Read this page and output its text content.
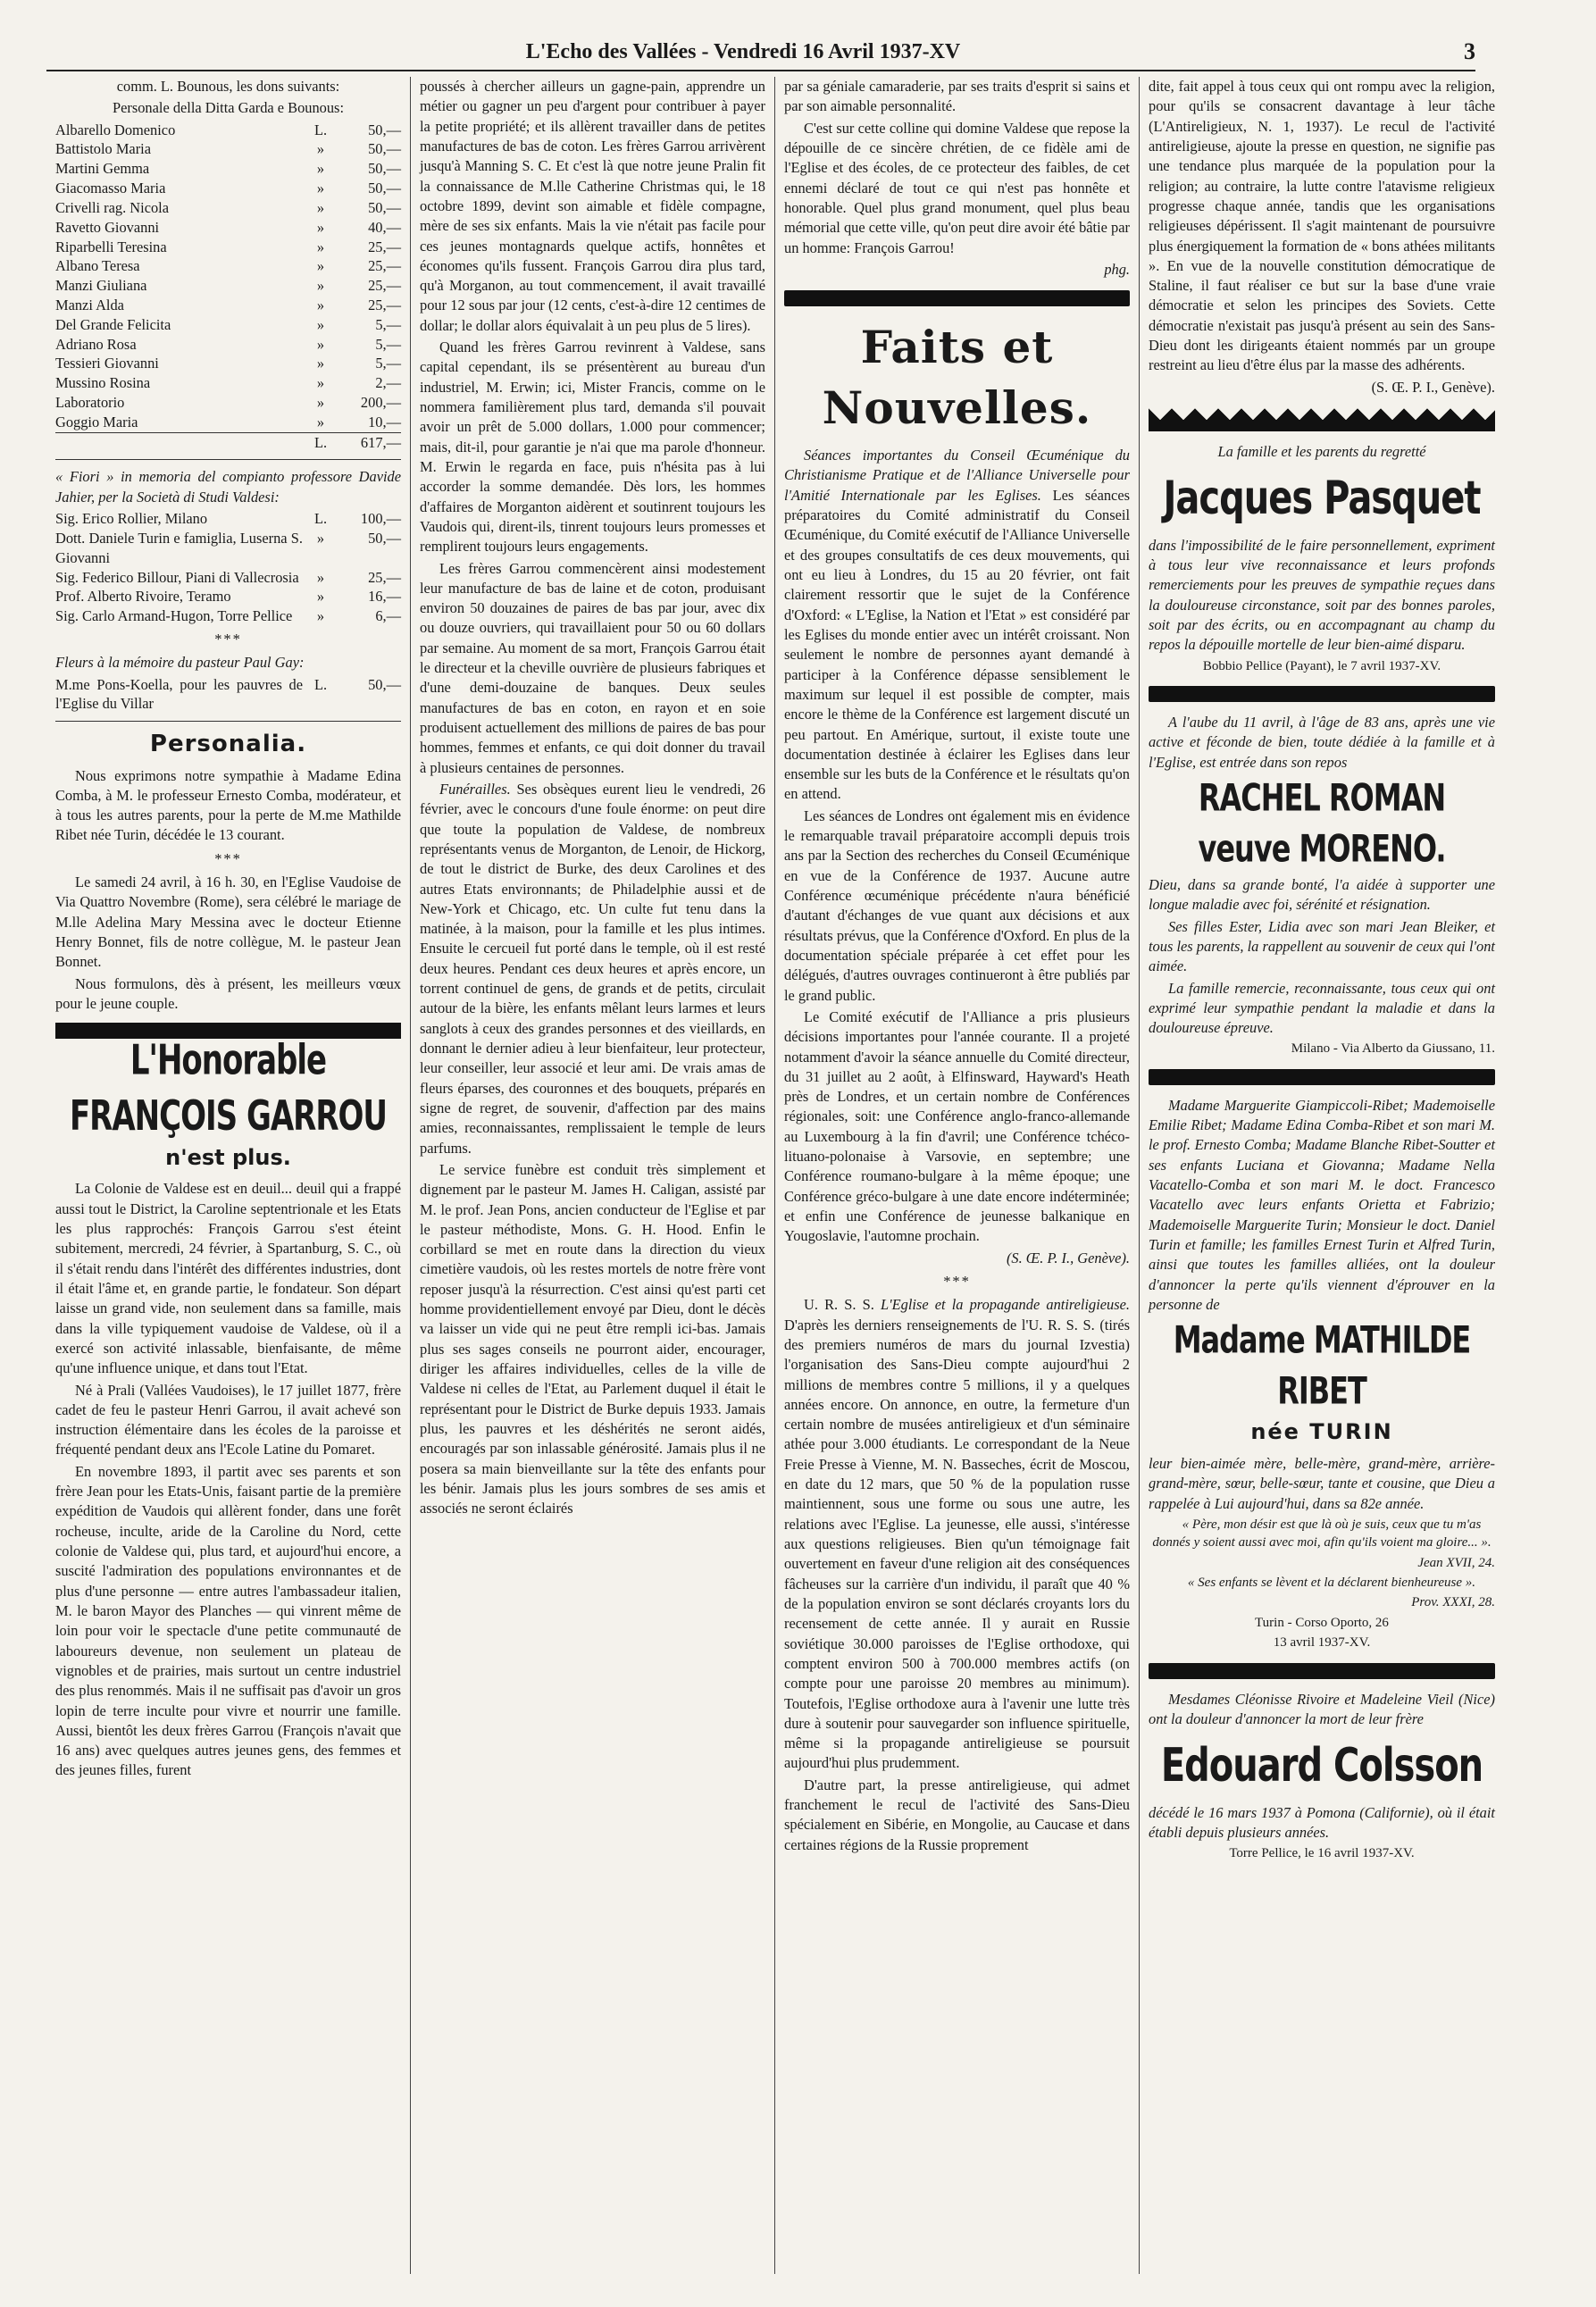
L'Echo des Vallées - Vendredi 16 Avril 1937-XV	3

comm. L. Bounous, les dons suivants:

Personale della Ditta Garda e Bounous:

Albarello Domenico	L.	50,—
Battistolo Maria	»	50,—
Martini Gemma	»	50,—
Giacomasso Maria	»	50,—
Crivelli rag. Nicola	»	50,—
Ravetto Giovanni	»	40,—
Riparbelli Teresina	»	25,—
Albano Teresa	»	25,—
Manzi Giuliana	»	25,—
Manzi Alda	»	25,—
Del Grande Felicita	»	5,—
Adriano Rosa	»	5,—
Tessieri Giovanni	»	5,—
Mussino Rosina	»	2,—
Laboratorio	»	200,—
Goggio Maria	»	10,—
	L.	617,—

« Fiori » in memoria del compianto professore Davide Jahier, per la Società di Studi Valdesi:

Sig. Erico Rollier, Milano	L.	100,—
Dott. Daniele Turin e famiglia, Luserna S. Giovanni	»	50,—
Sig. Federico Billour, Piani di Vallecrosia	»	25,—
Prof. Alberto Rivoire, Teramo	»	16,—
Sig. Carlo Armand-Hugon, Torre Pellice	»	6,—
***

Fleurs à la mémoire du pasteur Paul Gay:

M.me Pons-Koella, pour les pauvres de l'Eglise du Villar	L.	50,—
Personalia.

Nous exprimons notre sympathie à Madame Edina Comba, à M. le professeur Ernesto Comba, modérateur, et à tous les autres parents, pour la perte de M.me Mathilde Ribet née Turin, décédée le 13 courant.

***

Le samedi 24 avril, à 16 h. 30, en l'Eglise Vaudoise de Via Quattro Novembre (Rome), sera célébré le mariage de M.lle Adelina Mary Messina avec le docteur Etienne Henry Bonnet, fils de notre collègue, M. le pasteur Jean Bonnet.

Nous formulons, dès à présent, les meilleurs vœux pour le jeune couple.

L'Honorable FRANÇOIS GARROU
n'est plus.

La Colonie de Valdese est en deuil... deuil qui a frappé aussi tout le District, la Caroline septentrionale et les Etats les plus rapprochés: François Garrou s'est éteint subitement, mercredi, 24 février, à Spartanburg, S. C., où il s'était rendu dans l'intérêt des différentes industries, dont il était l'âme et, en grande partie, le fondateur. Son départ laisse un grand vide, non seulement dans sa famille, mais dans la ville typiquement vaudoise de Valdese, où il a exercé son activité inlassable, bienfaisante, de même qu'une influence unique, et dans tout l'Etat.

Né à Prali (Vallées Vaudoises), le 17 juillet 1877, frère cadet de feu le pasteur Henri Garrou, il avait achevé son instruction élémentaire dans les écoles de la paroisse et fréquenté pendant deux ans l'Ecole Latine du Pomaret.

En novembre 1893, il partit avec ses parents et son frère Jean pour les Etats-Unis, faisant partie de la première expédition de Vaudois qui allèrent fonder, dans une forêt rocheuse, inculte, aride de la Caroline du Nord, cette colonie de Valdese qui, plus tard, et aujourd'hui encore, a suscité l'admiration des populations environnantes et de plus d'une personne — entre autres l'ambassadeur italien, M. le baron Mayor des Planches — qui vinrent même de loin pour voir le spectacle d'une petite communauté de laboureurs devenue, non seulement un plateau de vignobles et de prairies, mais surtout un centre industriel des plus renommés. Mais il ne suffisait pas d'avoir un gros lopin de terre inculte pour vivre et nourrir une famille. Aussi, bientôt les deux frères Garrou (François n'avait que 16 ans) avec quelques autres jeunes gens, des femmes et des jeunes filles, furent

poussés à chercher ailleurs un gagne-pain, apprendre un métier ou gagner un peu d'argent pour contribuer à payer la petite propriété; et ils allèrent travailler dans de petites manufactures de bas de coton. Les frères Garrou arrivèrent jusqu'à Manning S. C. Et c'est là que notre jeune Pralin fit la connaissance de M.lle Catherine Christmas qui, le 18 octobre 1899, devint son aimable et fidèle compagne, mère de ses six enfants. Mais la vie n'était pas facile pour ces jeunes montagnards quelque actifs, honnêtes et économes qu'ils fussent. François Garrou dira plus tard, qu'à Morganon, au tout commencement, il avait travaillé pour 12 sous par jour (12 cents, c'est-à-dire 12 centimes de dollar; le dollar alors équivalait à un peu plus de 5 lires).

Quand les frères Garrou revinrent à Valdese, sans capital cependant, ils se présentèrent au bureau d'un industriel, M. Erwin; ici, Mister Francis, comme on le nommera familièrement plus tard, demanda s'il pouvait avoir un prêt de 5.000 dollars, 1.000 pour commencer; mais, dit-il, pour garantie je n'ai que ma parole d'honneur. M. Erwin le regarda en face, puis n'hésita pas à lui accorder la somme demandée. Dès lors, les hommes d'affaires de Morganton aidèrent et soutinrent toujours les Vaudois qui, dirent-ils, tinrent toujours leurs promesses et remplirent toujours leurs engagements.

Les frères Garrou commencèrent ainsi modestement leur manufacture de bas de laine et de coton, produisant environ 50 douzaines de paires de bas par jour, avec dix ou douze ouvriers, qui travaillaient pour 50 ou 60 dollars par semaine. Au moment de sa mort, François Garrou était le directeur et la cheville ouvrière de plusieurs fabriques et d'une demi-douzaine de banques. Deux seules manufactures de bas en coton, en rayon et en soie produisent actuellement des millions de paires de bas pour hommes, femmes et enfants, ce qui doit donner du travail à plusieurs centaines de personnes.

Funérailles. Ses obsèques eurent lieu le vendredi, 26 février, avec le concours d'une foule énorme: on peut dire que toute la population de Valdese, de nombreux représentants venus de Morganton, de Lenoir, de Hickorg, de tout le district de Burke, des deux Carolines et des autres Etats environnants; de Philadelphie aussi et de New-York et Chicago, etc. Un culte fut tenu dans la matinée, à la maison, pour la famille et les plus intimes. Ensuite le cercueil fut porté dans le temple, où il est resté deux heures. Pendant ces deux heures et après encore, un torrent continuel de gens, de grands et de petits, circulait autour de la bière, les enfants mêlant leurs larmes et leurs sanglots à ceux des grandes personnes et des vieillards, en donnant le dernier adieu à leur bienfaiteur, leur protecteur, leur conseiller, leur associé et leur ami. De vrais amas de fleurs éparses, des couronnes et des bouquets, préparés en signe de regret, de souvenir, d'affection par des mains amies, reconnaissantes, remplissaient le temple de leurs parfums.

Le service funèbre est conduit très simplement et dignement par le pasteur M. James H. Caligan, assisté par M. le prof. Jean Pons, ancien conducteur de l'Eglise et par le pasteur méthodiste, Mons. G. H. Hood. Enfin le corbillard se met en route dans la direction du vieux cimetière vaudois, où les restes mortels de notre frère vont reposer jusqu'à la résurrection. C'est ainsi qu'est parti cet homme providentiellement envoyé par Dieu, dont le décès va laisser un vide qui ne peut être rempli ici-bas. Jamais plus ses sages conseils ne pourront aider, encourager, diriger les affaires individuelles, celles de la ville de Valdese ni celles de l'Etat, au Parlement duquel il était le représentant pour le District de Burke depuis 1933. Jamais plus, les pauvres et les déshérités ne seront aidés, encouragés par son inlassable générosité. Jamais plus il ne posera sa main bienveillante sur la tête des enfants pour les bénir. Jamais plus les jours sombres de ses amis et associés ne seront éclairés

par sa géniale camaraderie, par ses traits d'esprit si sains et par son aimable personnalité.

C'est sur cette colline qui domine Valdese que repose la dépouille de ce sincère chrétien, de ce fidèle ami de l'Eglise et des écoles, de ce protecteur des faibles, de cet ennemi déclaré de tout ce qui n'est pas honnête et honorable. Quel plus grand monument, quel plus beau mémorial que cette ville, qu'on peut dire avoir été bâtie par un homme: François Garrou!

phg.

Faits et Nouvelles.

Séances importantes du Conseil Œcuménique du Christianisme Pratique et de l'Alliance Universelle pour l'Amitié Internationale par les Eglises. Les séances préparatoires du Comité administratif du Conseil Œcuménique, du Comité exécutif de l'Alliance Universelle et des groupes consultatifs de ces deux mouvements, qui ont eu lieu à Londres, du 15 au 20 février, ont fait clairement ressortir que le sujet de la Conférence d'Oxford: « L'Eglise, la Nation et l'Etat » est considéré par les Eglises du monde entier avec un intérêt croissant. Non seulement le nombre de personnes ayant demandé à participer à la Conférence dépasse sensiblement le maximum sur lequel il est possible de compter, mais encore le thème de la Conférence est largement discuté un peu partout. En Amérique, surtout, il existe toute une documentation destinée à éclairer les Eglises dans leur ensemble sur les buts de la Conférence et le résultats qu'on en attend.

Les séances de Londres ont également mis en évidence le remarquable travail préparatoire accompli depuis trois ans par la Section des recherches du Conseil Œcuménique en vue de la Conférence de 1937. Aucune autre Conférence œcuménique précédente n'aura bénéficié d'autant d'échanges de vue quant aux décisions et aux résultats prévus, que la Conférence d'Oxford. En plus de la documentation spéciale préparée à cet effet pour les délégués, d'autres ouvrages continueront à être publiés par le grand public.

Le Comité exécutif de l'Alliance a pris plusieurs décisions importantes pour l'année courante. Il a projeté notamment d'avoir la séance annuelle du Comité directeur, du 31 juillet au 2 août, à Elfinsward, Hayward's Heath près de Londres, et un certain nombre de Conférences régionales, soit: une Conférence anglo-franco-allemande au Luxembourg à la fin d'avril; une Conférence tchéco-lituano-polonaise à Varsovie, en septembre; une Conférence roumano-bulgare à la même époque; une Conférence gréco-bulgare à une date encore indéterminée; et enfin une Conférence de jeunesse balkanique en Yougoslavie, l'automne prochain.

(S. Œ. P. I., Genève).

***

U. R. S. S. L'Eglise et la propagande antireligieuse. D'après les derniers renseignements de l'U. R. S. S. (tirés des premiers numéros de mars du journal Izvestia) l'organisation des Sans-Dieu compte aujourd'hui 2 millions de membres contre 5 millions, il y a quelques années encore. On annonce, en outre, la fermeture d'un certain nombre de musées antireligieux et d'un séminaire athée pour 3.000 étudiants. Le correspondant de la Neue Freie Presse à Vienne, M. N. Basseches, écrit de Moscou, en date du 12 mars, que 50 % de la population russe maintiennent, sous une forme ou sous une autre, les relations avec l'Eglise. La jeunesse, elle aussi, s'intéresse aux questions religieuses. Bien qu'un témoignage fait ouvertement en faveur d'une religion ait des conséquences fâcheuses sur la carrière d'un individu, il paraît que 40 % de la population environ se sont déclarés croyants lors du recensement de cette année. Il y aurait en Russie soviétique 30.000 paroisses de l'Eglise orthodoxe, qui comptent environ 500 à 700.000 membres actifs (on compte pour une paroisse 20 membres au minimum). Toutefois, l'Eglise orthodoxe aura à l'avenir une lutte très dure à soutenir pour sauvegarder son influence spirituelle, même si la propagande antireligieuse se poursuit aujourd'hui plus prudemment.

D'autre part, la presse antireligieuse, qui admet franchement le recul de l'activité des Sans-Dieu spécialement en Sibérie, en Mongolie, au Caucase et dans certaines régions de la Russie proprement

dite, fait appel à tous ceux qui ont rompu avec la religion, pour qu'ils se consacrent davantage à leur tâche (L'Antireligieux, N. 1, 1937). Le recul de l'activité antireligieuse, ajoute la presse en question, ne signifie pas une tendance plus marquée de la population pour la religion; au contraire, la lutte contre l'atavisme religieux progresse chaque année, tandis que les organisations religieuses dépérissent. Il s'agit maintenant de poursuivre plus énergiquement la formation de « bons athées militants ». En vue de la nouvelle constitution démocratique de Staline, il faut réaliser ce but sur la base d'une vraie démocratie et selon les principes des Soviets. Cette démocratie n'existait pas jusqu'à présent au sein des Sans-Dieu dont les dirigeants étaient nommés par un groupe restreint au lieu d'être élus par la masse des adhérents.

(S. Œ. P. I., Genève).

La famille et les parents du regretté

Jacques Pasquet

dans l'impossibilité de le faire personnellement, expriment à tous leur vive reconnaissance et leurs profonds remerciements pour les preuves de sympathie reçues dans la douloureuse circonstance, soit par des bonnes paroles, soit par des écrits, ou en accompagnant au champ du repos la dépouille mortelle de leur bien-aimé disparu.

Bobbio Pellice (Payant), le 7 avril 1937-XV.

A l'aube du 11 avril, à l'âge de 83 ans, après une vie active et féconde de bien, toute dédiée à la famille et à l'Eglise, est entrée dans son repos

RACHEL ROMAN veuve MORENO.

Dieu, dans sa grande bonté, l'a aidée à supporter une longue maladie avec foi, sérénité et résignation.

Ses filles Ester, Lidia avec son mari Jean Bleiker, et tous les parents, la rappellent au souvenir de ceux qui l'ont aimée.

La famille remercie, reconnaissante, tous ceux qui ont exprimé leur sympathie pendant la maladie et dans la douloureuse épreuve.

Milano - Via Alberto da Giussano, 11.

Madame Marguerite Giampiccoli-Ribet; Mademoiselle Emilie Ribet; Madame Edina Comba-Ribet et son mari M. le prof. Ernesto Comba; Madame Blanche Ribet-Soutter et ses enfants Luciana et Giovanna; Madame Nella Vacatello-Comba et son mari M. le doct. Francesco Vacatello avec leurs enfants Orietta et Fabrizio; Mademoiselle Marguerite Turin; Monsieur le doct. Daniel Turin et famille; les familles Ernest Turin et Alfred Turin, ainsi que toutes les familles alliées, ont la douleur d'annoncer la perte qu'ils viennent d'éprouver en la personne de

Madame MATHILDE RIBET
née TURIN

leur bien-aimée mère, belle-mère, grand-mère, arrière-grand-mère, sœur, belle-sœur, tante et cousine, que Dieu a rappelée à Lui aujourd'hui, dans sa 82e année.

« Père, mon désir est que là où je suis, ceux que tu m'as donnés y soient aussi avec moi, afin qu'ils voient ma gloire... ».

Jean XVII, 24.

« Ses enfants se lèvent et la déclarent bienheureuse ».

Prov. XXXI, 28.

Turin - Corso Oporto, 26

13 avril 1937-XV.

Mesdames Cléonisse Rivoire et Madeleine Vieil (Nice) ont la douleur d'annoncer la mort de leur frère

Edouard Colsson

décédé le 16 mars 1937 à Pomona (Californie), où il était établi depuis plusieurs années.

Torre Pellice, le 16 avril 1937-XV.
